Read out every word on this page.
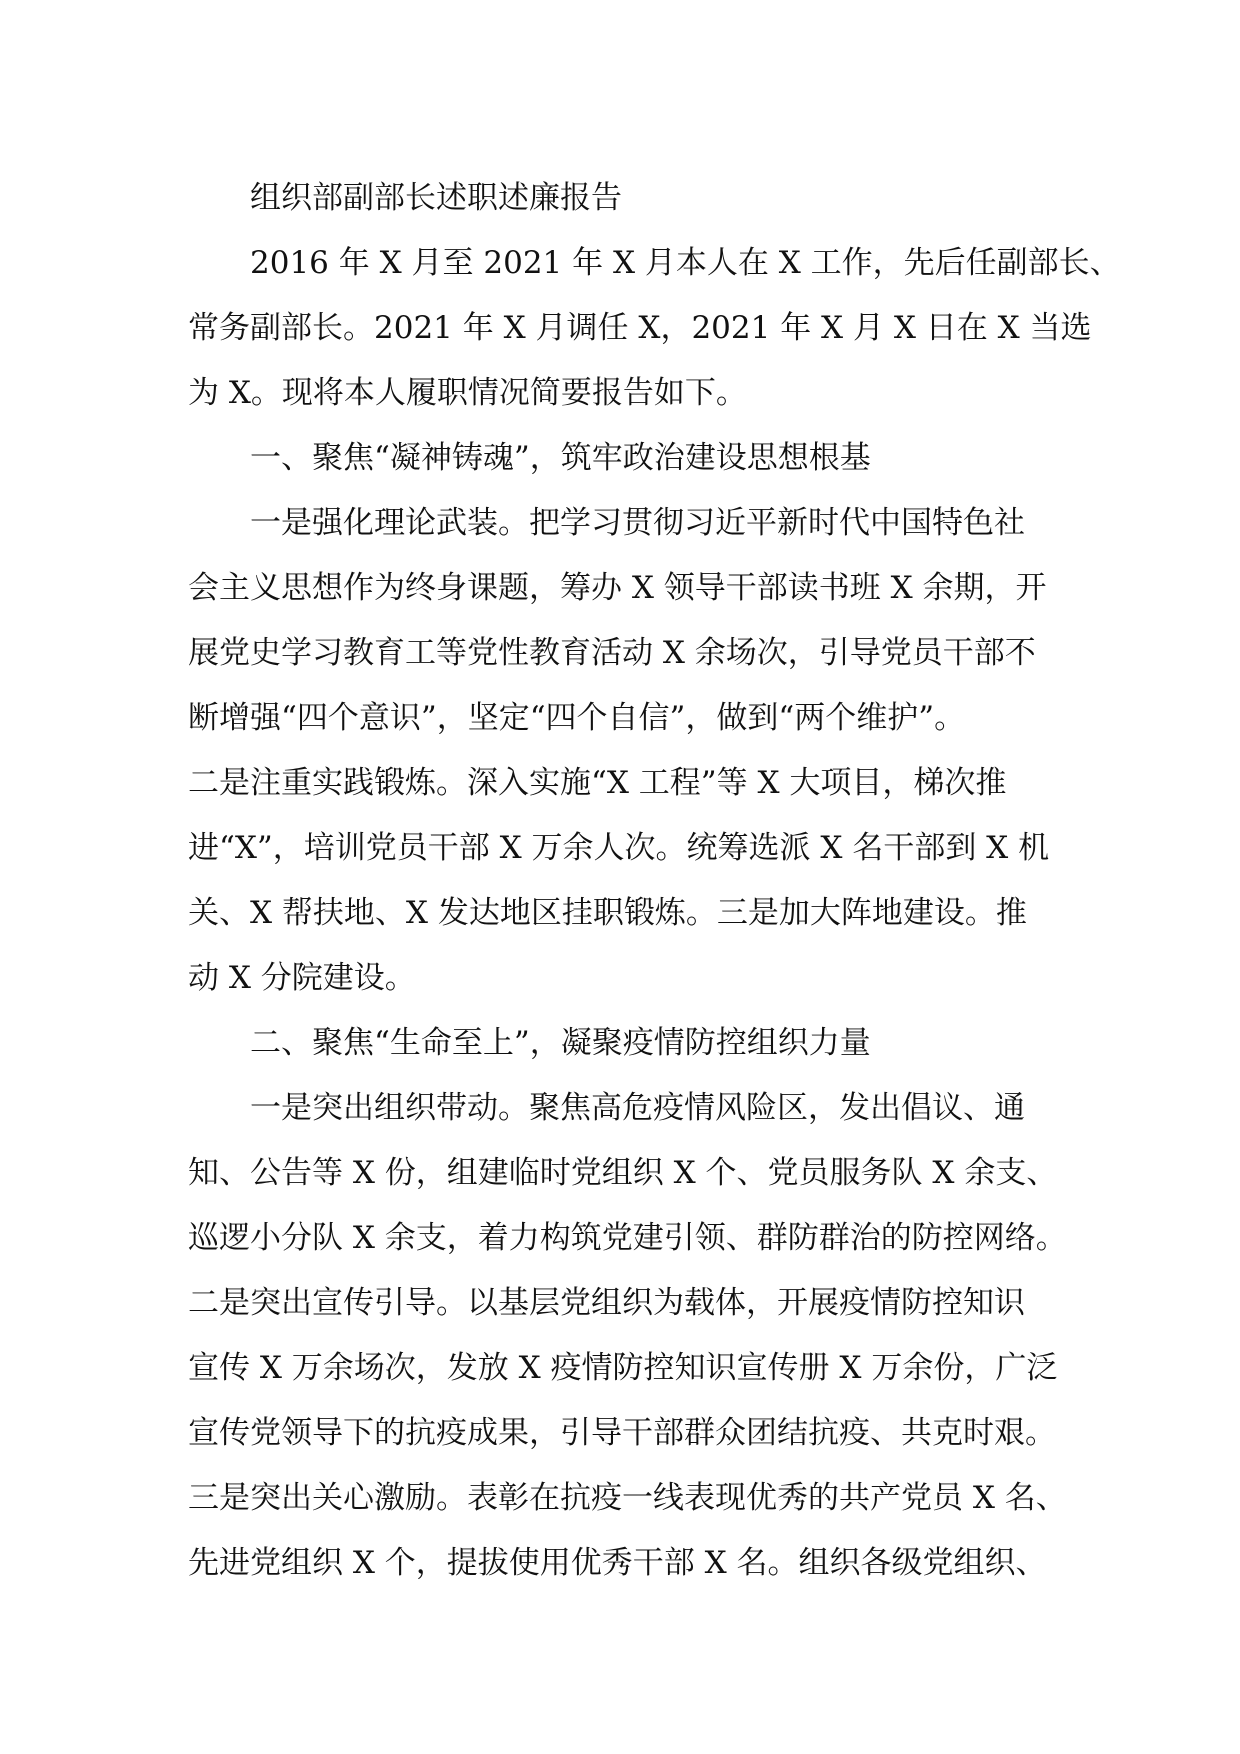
组织部副部长述职述廉报告

2016 年 X 月至 2021 年 X 月本人在 X 工作，先后任副部长、
常务副部长。2021 年 X 月调任 X，2021 年 X 月 X 日在 X 当选
为 X。现将本人履职情况简要报告如下。

一、聚焦“凝神铸魂”，筑牢政治建设思想根基

一是强化理论武装。把学习贯彻习近平新时代中国特色社
会主义思想作为终身课题，筹办 X 领导干部读书班 X 余期，开
展党史学习教育工等党性教育活动 X 余场次，引导党员干部不
断增强“四个意识”，坚定“四个自信”，做到“两个维护”。
二是注重实践锻炼。深入实施“X 工程”等 X 大项目，梯次推
进“X”，培训党员干部 X 万余人次。统筹选派 X 名干部到 X 机
关、X 帮扶地、X 发达地区挂职锻炼。三是加大阵地建设。推
动 X 分院建设。

二、聚焦“生命至上”，凝聚疫情防控组织力量

一是突出组织带动。聚焦高危疫情风险区，发出倡议、通
知、公告等 X 份，组建临时党组织 X 个、党员服务队 X 余支、
巡逻小分队 X 余支，着力构筑党建引领、群防群治的防控网络。
二是突出宣传引导。以基层党组织为载体，开展疫情防控知识
宣传 X 万余场次，发放 X 疫情防控知识宣传册 X 万余份，广泛
宣传党领导下的抗疫成果，引导干部群众团结抗疫、共克时艰。
三是突出关心激励。表彰在抗疫一线表现优秀的共产党员 X 名、
先进党组织 X 个，提拔使用优秀干部 X 名。组织各级党组织、
